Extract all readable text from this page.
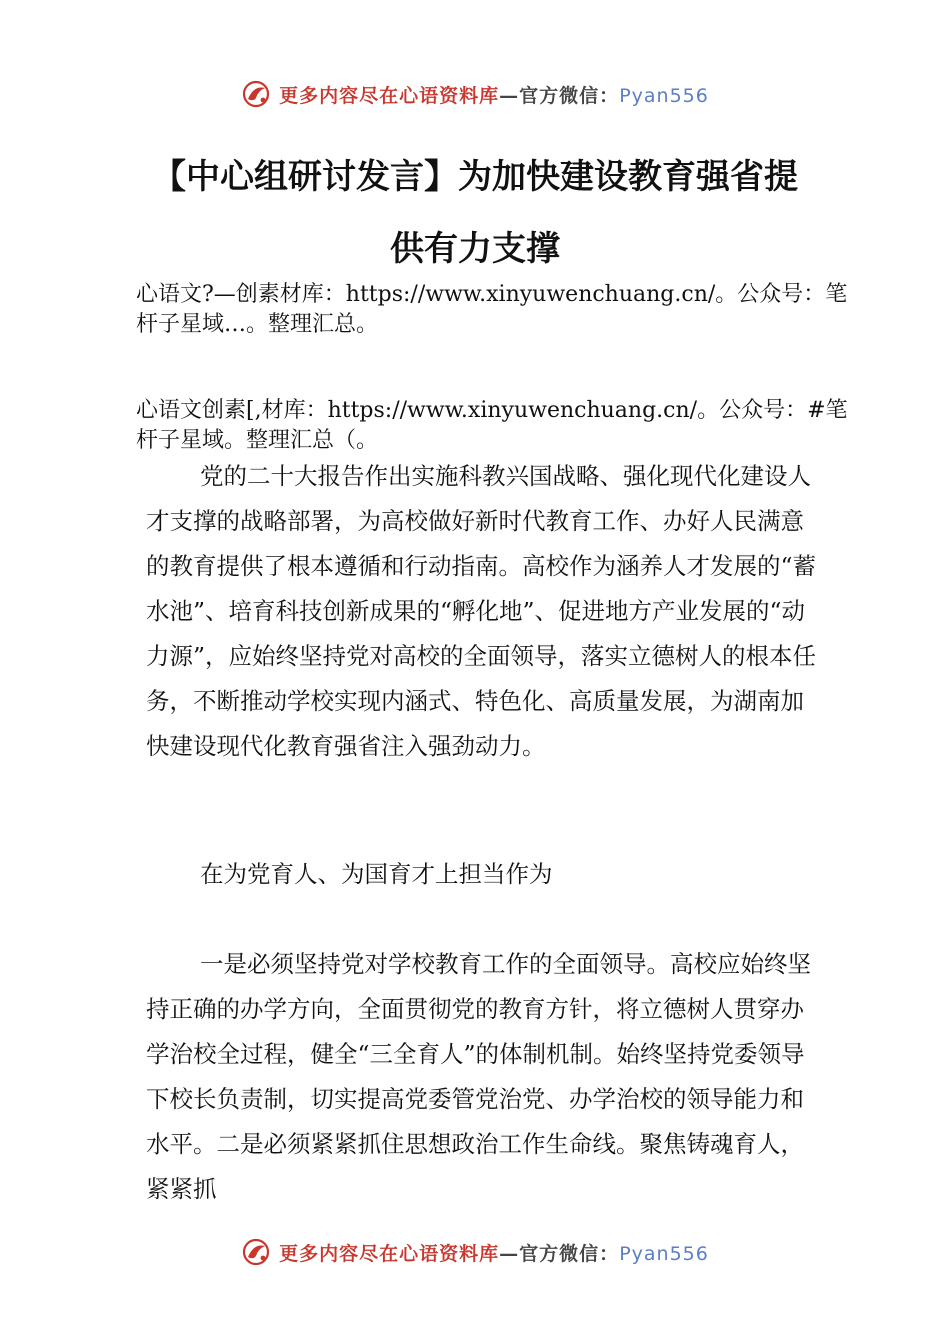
更多内容尽在心语资料库—官方微信：Pyan556
【中心组研讨发言】为加快建设教育强省提
供有力支撑
心语文?—创素材库：https://www.xinyuwenchuang.cn/。公众号：笔杆子星域…。整理汇总。
心语文创素[,材库：https://www.xinyuwenchuang.cn/。公众号：#笔杆子星域。整理汇总（。

党的二十大报告作出实施科教兴国战略、强化现代化建设人才支撑的战略部署，为高校做好新时代教育工作、办好人民满意的教育提供了根本遵循和行动指南。高校作为涵养人才发展的“蓄水池”、培育科技创新成果的“孵化地”、促进地方产业发展的“动力源”，应始终坚持党对高校的全面领导，落实立德树人的根本任务，不断推动学校实现内涵式、特色化、高质量发展，为湖南加快建设现代化教育强省注入强劲动力。

在为党育人、为国育才上担当作为

一是必须坚持党对学校教育工作的全面领导。高校应始终坚持正确的办学方向，全面贯彻党的教育方针，将立德树人贯穿办学治校全过程，健全“三全育人”的体制机制。始终坚持党委领导下校长负责制，切实提高党委管党治党、办学治校的领导能力和水平。二是必须紧紧抓住思想政治工作生命线。聚焦铸魂育人，紧紧抓

更多内容尽在心语资料库—官方微信：Pyan556
